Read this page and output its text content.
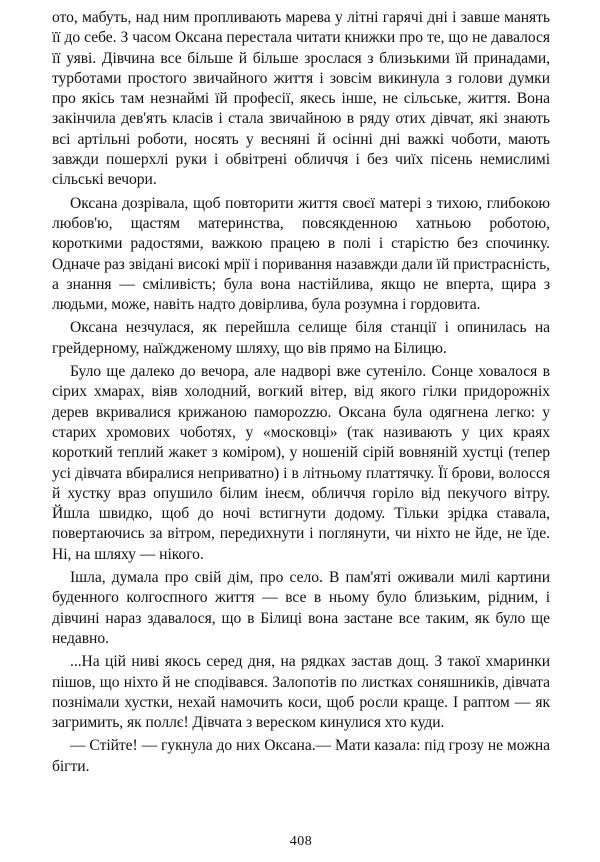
ото, мабуть, над ним пропливають марева у літні гарячі дні і завше манять її до себе. З часом Оксана перестала читати книжки про те, що не давалося її уяві. Дівчина все більше й більше зрослася з близькими їй принадами, турботами простого звичайного життя і зовсім викинула з голови думки про якісь там незнаймі їй професії, якесь інше, не сільське, життя. Вона закінчила дев'ять класів і стала звичайною в ряду отих дівчат, які знають всі артільні роботи, носять у весняні й осінні дні важкі чоботи, мають завжди пошерхлі руки і обвітрені обличчя і без чиїх пісень немислимі сільські вечори.

Оксана дозрівала, щоб повторити життя своєї матері з тихою, глибокою любов'ю, щастям материнства, повсякденною хатньою роботою, короткими радостями, важкою працею в полі і старістю без спочинку. Одначе раз звідані високі мрії і поривання назавжди дали їй пристрасність, а знання — сміливість; була вона настійлива, якщо не вперта, щира з людьми, може, навіть надто довірлива, була розумна і гордовита.

Оксана незчулася, як перейшла селище біля станції і опинилась на грейдерному, наїжджeному шляху, що вів прямо на Білицю.

Було ще далеко до вечора, але надворі вже сутеніло. Сонце ховалося в сірих хмарах, віяв холодний, вогкий вітер, від якого гілки придорожніх дерев вкривалися крижаною паморozzю. Оксана була одягнена легко: у старих хромових чоботях, у «московці» (так називають у цих краях короткий теплий жакет з коміром), у ношеній сірій вовняній хустці (тепер усі дівчата вбиралися неприватно) і в літньому платтячку. Її брови, волосся й хустку враз опушило білим інеєм, обличчя горіло від пекучого вітру. Йшла швидко, щоб до ночі встигнути додому. Тільки зрідка ставала, повертаючись за вітром, передихнути і поглянути, чи ніхто не йде, не їде. Ні, на шляху — нікого.

Ішла, думала про свій дім, про село. В пам'яті оживали милі картини буденного колгоспного життя — все в ньому було близьким, рідним, і дівчині нараз здавалося, що в Білиці вона застане все таким, як було ще недавно.

...На цій ниві якось серед дня, на рядках застав дощ. З такої хмаринки пішов, що ніхто й не сподівався. Залопотів по листках соняшників, дівчата познімали хустки, нехай намочить коси, щоб росли краще. І раптом — як загримить, як поллє! Дівчата з вереском кинулися хто куди.

— Стійте! — гукнула до них Оксана.— Мати казала: під грозу не можна бігти.

408
